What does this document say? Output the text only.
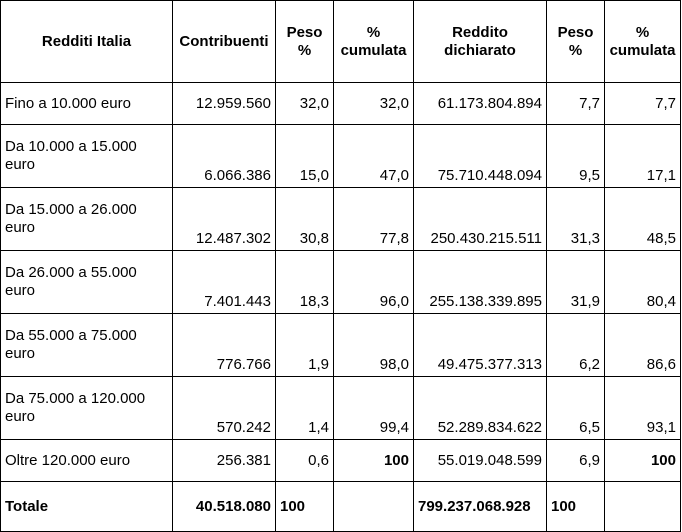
Redditi Italia	Contribuenti	Peso %	% cumulata	Reddito dichiarato	Peso %	% cumulata
Fino a 10.000 euro	12.959.560	32,0	32,0	61.173.804.894	7,7	7,7
Da 10.000 a 15.000 euro	6.066.386	15,0	47,0	75.710.448.094	9,5	17,1
Da 15.000 a 26.000 euro	12.487.302	30,8	77,8	250.430.215.511	31,3	48,5
Da 26.000 a 55.000 euro	7.401.443	18,3	96,0	255.138.339.895	31,9	80,4
Da 55.000 a 75.000 euro	776.766	1,9	98,0	49.475.377.313	6,2	86,6
Da 75.000 a 120.000 euro	570.242	1,4	99,4	52.289.834.622	6,5	93,1
Oltre 120.000 euro	256.381	0,6	100	55.019.048.599	6,9	100
Totale	40.518.080	100		799.237.068.928	100	
